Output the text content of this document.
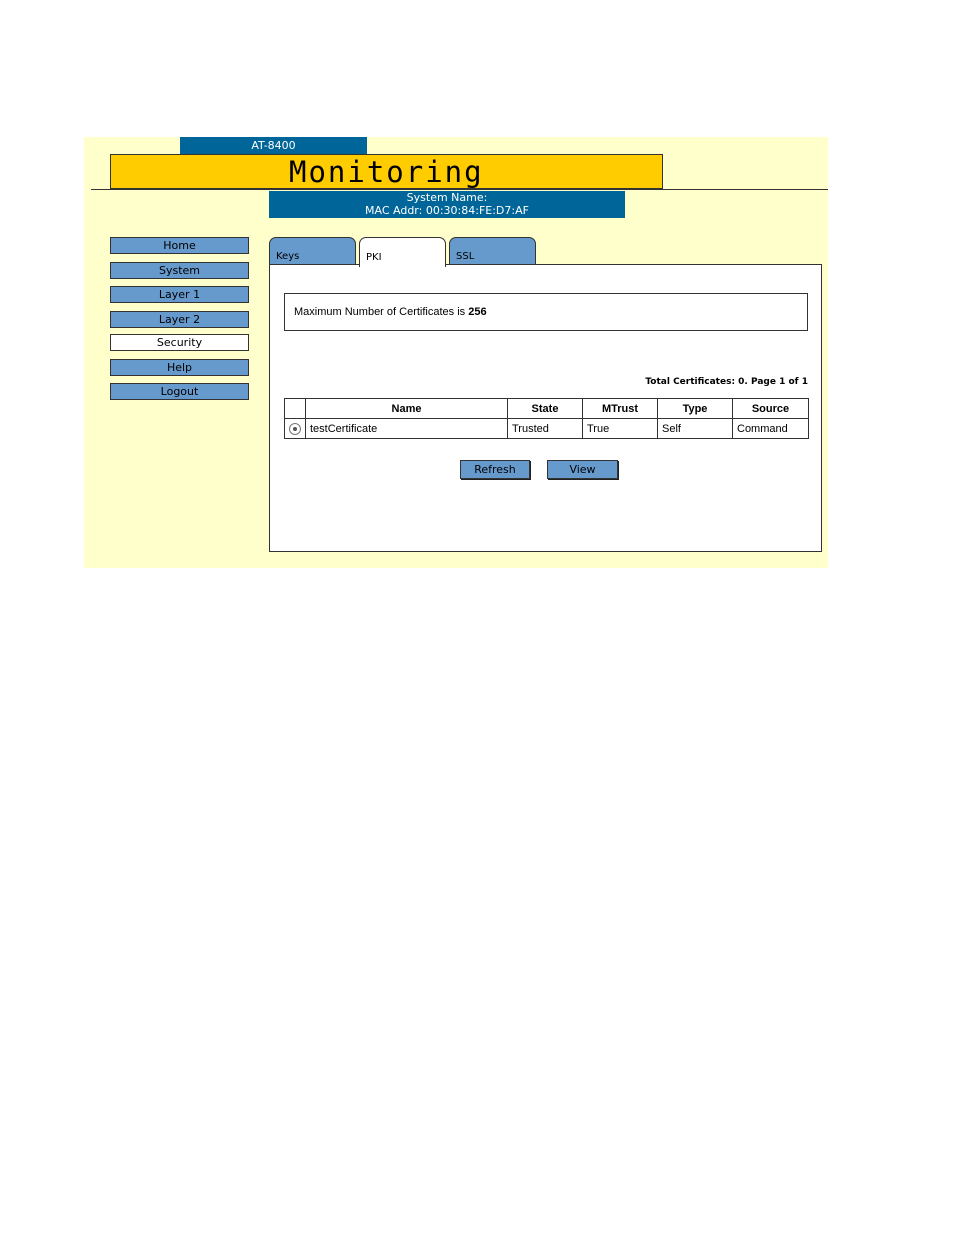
AT-8400
Monitoring
System Name:
MAC Addr: 00:30:84:FE:D7:AF
Home
System
Layer 1
Layer 2
Security
Help
Logout
Keys	PKI	SSL
Maximum Number of Certificates is 256
Total Certificates: 0. Page 1 of 1
	Name	State	MTrust	Type	Source
	testCertificate	Trusted	True	Self	Command
Refresh	View
